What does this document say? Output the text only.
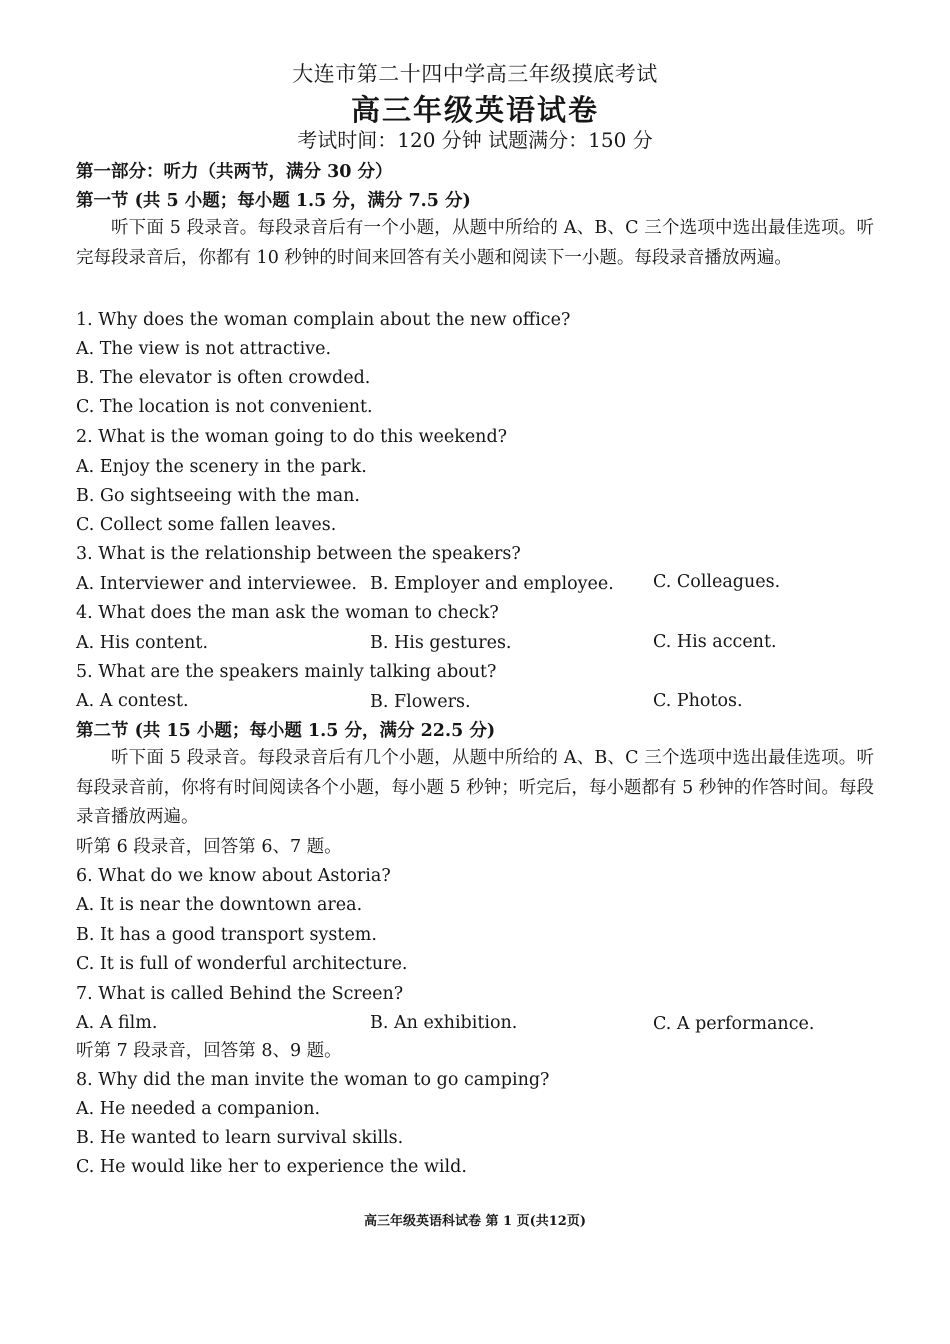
大连市第二十四中学高三年级摸底考试
高三年级英语试卷
考试时间：120 分钟 试题满分：150 分
第一部分：听力（共两节，满分 30 分）
第一节 (共 5 小题；每小题 1.5 分，满分 7.5 分)
听下面 5 段录音。每段录音后有一个小题，从题中所给的 A、B、C 三个选项中选出最佳选项。听完每段录音后，你都有 10 秒钟的时间来回答有关小题和阅读下一小题。每段录音播放两遍。
1. Why does the woman complain about the new office?
A. The view is not attractive.
B. The elevator is often crowded.
C. The location is not convenient.
2. What is the woman going to do this weekend?
A. Enjoy the scenery in the park.
B. Go sightseeing with the man.
C. Collect some fallen leaves.
3. What is the relationship between the speakers?
A. Interviewer and interviewee. B. Employer and employee. C. Colleagues.
4. What does the man ask the woman to check?
A. His content.	B. His gestures.	C. His accent.
5. What are the speakers mainly talking about?
A. A contest.	B. Flowers.	C. Photos.
第二节 (共 15 小题；每小题 1.5 分，满分 22.5 分)
听下面 5 段录音。每段录音后有几个小题，从题中所给的 A、B、C 三个选项中选出最佳选项。听每段录音前，你将有时间阅读各个小题，每小题 5 秒钟；听完后，每小题都有 5 秒钟的作答时间。每段录音播放两遍。
听第 6 段录音，回答第 6、7 题。
6. What do we know about Astoria?
A. It is near the downtown area.
B. It has a good transport system.
C. It is full of wonderful architecture.
7. What is called Behind the Screen?
A. A film.	B. An exhibition.	C. A performance.
听第 7 段录音，回答第 8、9 题。
8. Why did the man invite the woman to go camping?
A. He needed a companion.
B. He wanted to learn survival skills.
C. He would like her to experience the wild.
高三年级英语科试卷 第 1 页(共12页)
